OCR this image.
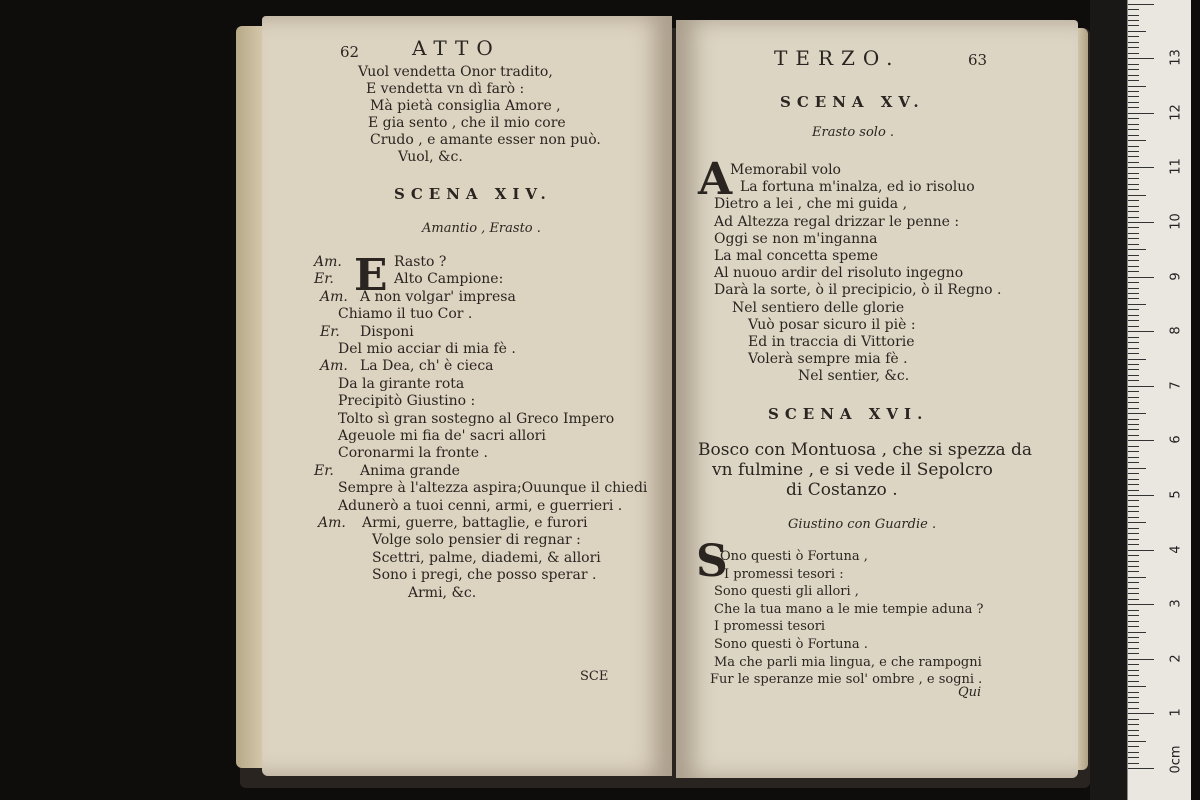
62	ATTO
Vuol vendetta Onor tradito,
E vendetta vn dì farò :
Mà pietà consiglia Amore ,
E gia sento , che il mio core
Crudo , e amante esser non può.
Vuol, &c.
SCENA XIV.
Amantio , Erasto .
E
Am.	Rasto ?
Er.	Alto Campione:
Am. A non volgar' impresa
Chiamo il tuo Cor .
Er. Disponi
Del mio acciar di mia fè .
Am. La Dea, ch' è cieca
Da la girante rota
Precipitò Giustino :
Tolto sì gran sostegno al Greco Impero
Ageuole mi fia de' sacri allori
Coronarmi la fronte .
Er. Anima grande
Sempre à l'altezza aspira;Ouunque il chiedi
Adunerò a tuoi cenni, armi, e guerrieri .
Am. Armi, guerre, battaglie, e furori
Volge solo pensier di regnar :
Scettri, palme, diademi, & allori
Sono i pregi, che posso sperar .
Armi, &c.
SCE
TERZO.	63
SCENA XV.
Erasto solo .
A
Memorabil volo
La fortuna m'inalza, ed io risoluo
Dietro a lei , che mi guida ,
Ad Altezza regal drizzar le penne :
Oggi se non m'inganna
La mal concetta speme
Al nuouo ardir del risoluto ingegno
Darà la sorte, ò il precipicio, ò il Regno .
Nel sentiero delle glorie
Vuò posar sicuro il piè :
Ed in traccia di Vittorie
Volerà sempre mia fè .
Nel sentier, &c.
SCENA XVI.
Bosco con Montuosa , che si spezza da
vn fulmine , e si vede il Sepolcro
di Costanzo .
Giustino con Guardie .
S
Ono questi ò Fortuna ,
I promessi tesori :
Sono questi gli allori ,
Che la tua mano a le mie tempie aduna ?
I promessi tesori
Sono questi ò Fortuna .
Ma che parli mia lingua, e che rampogni
Fur le speranze mie sol' ombre , e sogni .
Qui
0cm
1
2
3
4
5
6
7
8
9
10
11
12
13
